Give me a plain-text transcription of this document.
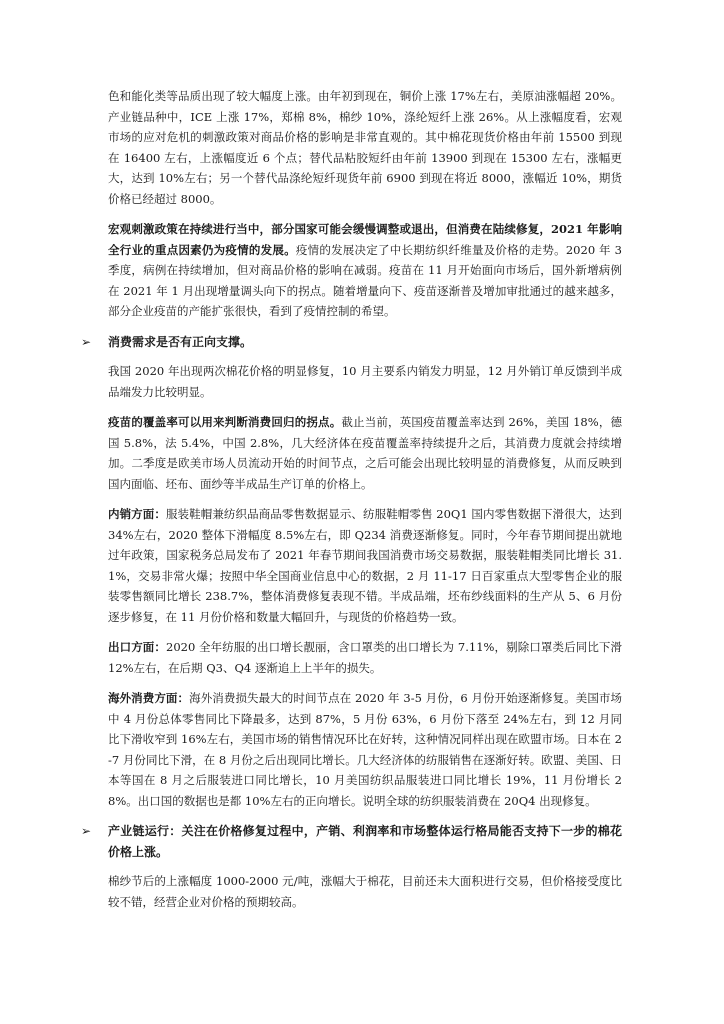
色和能化类等品质出现了较大幅度上涨。由年初到现在，铜价上涨 17%左右，美原油涨幅超 20%。产业链品种中，ICE 上涨 17%，郑棉 8%，棉纱 10%，涤纶短纤上涨 26%。从上涨幅度看，宏观市场的应对危机的刺激政策对商品价格的影响是非常直观的。其中棉花现货价格由年前 15500 到现在 16400 左右，上涨幅度近 6 个点；替代品粘胶短纤由年前 13900 到现在 15300 左右，涨幅更大，达到 10%左右；另一个替代品涤纶短纤现货年前 6900 到现在将近 8000，涨幅近 10%，期货价格已经超过 8000。

宏观刺激政策在持续进行当中，部分国家可能会缓慢调整或退出，但消费在陆续修复，2021 年影响全行业的重点因素仍为疫情的发展。疫情的发展决定了中长期纺织纤维量及价格的走势。2020 年 3 季度，病例在持续增加，但对商品价格的影响在减弱。疫苗在 11 月开始面向市场后，国外新增病例在 2021 年 1 月出现增量调头向下的拐点。随着增量向下、疫苗逐渐普及增加审批通过的越来越多，部分企业疫苗的产能扩张很快，看到了疫情控制的希望。

➢ 消费需求是否有正向支撑。

我国 2020 年出现两次棉花价格的明显修复，10 月主要系内销发力明显，12 月外销订单反馈到半成品端发力比较明显。

疫苗的覆盖率可以用来判断消费回归的拐点。截止当前，英国疫苗覆盖率达到 26%，美国 18%，德国 5.8%，法 5.4%，中国 2.8%，几大经济体在疫苗覆盖率持续提升之后，其消费力度就会持续增加。二季度是欧美市场人员流动开始的时间节点，之后可能会出现比较明显的消费修复，从而反映到国内面临、坯布、面纱等半成品生产订单的价格上。

内销方面：服装鞋帽兼纺织品商品零售数据显示、纺服鞋帽零售 20Q1 国内零售数据下滑很大，达到 34%左右，2020 整体下滑幅度 8.5%左右，即 Q234 消费逐渐修复。同时，今年春节期间提出就地过年政策，国家税务总局发布了 2021 年春节期间我国消费市场交易数据，服装鞋帽类同比增长 31.1%，交易非常火爆；按照中华全国商业信息中心的数据，2 月 11-17 日百家重点大型零售企业的服装零售额同比增长 238.7%，整体消费修复表现不错。半成品端，坯布纱线面料的生产从 5、6 月份逐步修复，在 11 月份价格和数量大幅回升，与现货的价格趋势一致。

出口方面：2020 全年纺服的出口增长靓丽，含口罩类的出口增长为 7.11%，剔除口罩类后同比下滑 12%左右，在后期 Q3、Q4 逐渐追上上半年的损失。

海外消费方面：海外消费损失最大的时间节点在 2020 年 3-5 月份，6 月份开始逐渐修复。美国市场中 4 月份总体零售同比下降最多，达到 87%，5 月份 63%，6 月份下落至 24%左右，到 12 月同比下滑收窄到 16%左右，美国市场的销售情况环比在好转，这种情况同样出现在欧盟市场。日本在 2-7 月份同比下滑，在 8 月份之后出现同比增长。几大经济体的纺服销售在逐渐好转。欧盟、美国、日本等国在 8 月之后服装进口同比增长，10 月美国纺织品服装进口同比增长 19%，11 月份增长 28%。出口国的数据也是都 10%左右的正向增长。说明全球的纺织服装消费在 20Q4 出现修复。

➢ 产业链运行：关注在价格修复过程中，产销、利润率和市场整体运行格局能否支持下一步的棉花价格上涨。

棉纱节后的上涨幅度 1000-2000 元/吨，涨幅大于棉花，目前还未大面积进行交易，但价格接受度比较不错，经营企业对价格的预期较高。
